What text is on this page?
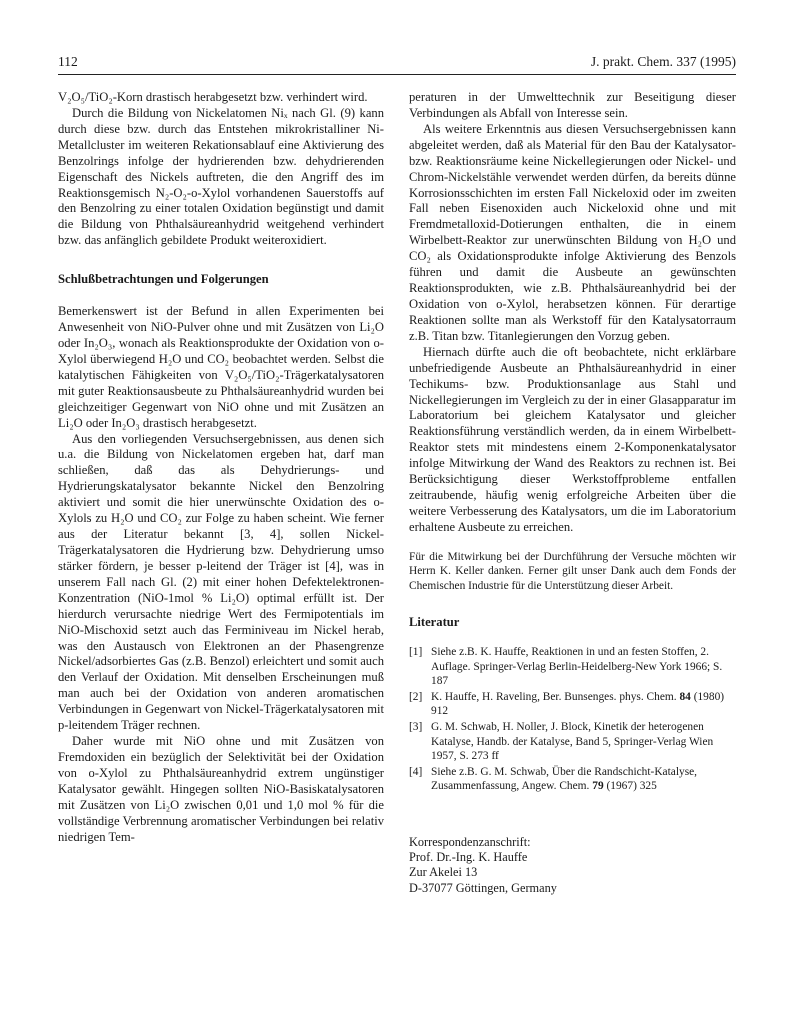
112	J. prakt. Chem. 337 (1995)

V₂O₅/TiO₂-Korn drastisch herabgesetzt bzw. verhindert wird.

Durch die Bildung von Nickelatomen Niₓ nach Gl. (9) kann durch diese bzw. durch das Entstehen mikrokristalliner Ni-Metallcluster im weiteren Rekationsablauf eine Aktivierung des Benzolrings infolge der hydrierenden bzw. dehydrierenden Eigenschaft des Nickels auftreten, die den Angriff des im Reaktionsgemisch N₂-O₂-o-Xylol vorhandenen Sauerstoffs auf den Benzolring zu einer totalen Oxidation begünstigt und damit die Bildung von Phthalsäureanhydrid weitgehend verhindert bzw. das anfänglich gebildete Produkt weiteroxidiert.

Schlußbetrachtungen und Folgerungen

Bemerkenswert ist der Befund in allen Experimenten bei Anwesenheit von NiO-Pulver ohne und mit Zusätzen von Li₂O oder In₂O₃, wonach als Reaktionsprodukte der Oxidation von o-Xylol überwiegend H₂O und CO₂ beobachtet werden. Selbst die katalytischen Fähigkeiten von V₂O₅/TiO₂-Trägerkatalysatoren mit guter Reaktionsausbeute zu Phthalsäureanhydrid wurden bei gleichzeitiger Gegenwart von NiO ohne und mit Zusätzen an Li₂O oder In₂O₃ drastisch herabgesetzt.

Aus den vorliegenden Versuchsergebnissen, aus denen sich u.a. die Bildung von Nickelatomen ergeben hat, darf man schließen, daß das als Dehydrierungs- und Hydrierungskatalysator bekannte Nickel den Benzolring aktiviert und somit die hier unerwünschte Oxidation des o-Xylols zu H₂O und CO₂ zur Folge zu haben scheint. Wie ferner aus der Literatur bekannt [3, 4], sollen Nickel-Trägerkatalysatoren die Hydrierung bzw. Dehydrierung umso stärker fördern, je besser p-leitend der Träger ist [4], was in unserem Fall nach Gl. (2) mit einer hohen Defektelektronen-Konzentration (NiO-1mol % Li₂O) optimal erfüllt ist. Der hierdurch verursachte niedrige Wert des Fermipotentials im NiO-Mischoxid setzt auch das Ferminiveau im Nickel herab, was den Austausch von Elektronen an der Phasengrenze Nickel/adsorbiertes Gas (z.B. Benzol) erleichtert und somit auch den Verlauf der Oxidation. Mit denselben Erscheinungen muß man auch bei der Oxidation von anderen aromatischen Verbindungen in Gegenwart von Nickel-Trägerkatalysatoren mit p-leitendem Träger rechnen.

Daher wurde mit NiO ohne und mit Zusätzen von Fremdoxiden ein bezüglich der Selektivität bei der Oxidation von o-Xylol zu Phthalsäureanhydrid extrem ungünstiger Katalysator gewählt. Hingegen sollten NiO-Basiskatalysatoren mit Zusätzen von Li₂O zwischen 0,01 und 1,0 mol % für die vollständige Verbrennung aromatischer Verbindungen bei relativ niedrigen Tem-

peraturen in der Umwelttechnik zur Beseitigung dieser Verbindungen als Abfall von Interesse sein.

Als weitere Erkenntnis aus diesen Versuchsergebnissen kann abgeleitet werden, daß als Material für den Bau der Katalysator- bzw. Reaktionsräume keine Nickellegierungen oder Nickel- und Chrom-Nickelstähle verwendet werden dürfen, da bereits dünne Korrosionsschichten im ersten Fall Nickeloxid oder im zweiten Fall neben Eisenoxiden auch Nickeloxid ohne und mit Fremdmetalloxid-Dotierungen enthalten, die in einem Wirbelbett-Reaktor zur unerwünschten Bildung von H₂O und CO₂ als Oxidationsprodukte infolge Aktivierung des Benzols führen und damit die Ausbeute an gewünschten Reaktionsprodukten, wie z.B. Phthalsäureanhydrid bei der Oxidation von o-Xylol, herabsetzen können. Für derartige Reaktionen sollte man als Werkstoff für den Katalysatorraum z.B. Titan bzw. Titanlegierungen den Vorzug geben.

Hiernach dürfte auch die oft beobachtete, nicht erklärbare unbefriedigende Ausbeute an Phthalsäureanhydrid in einer Techikums- bzw. Produktionsanlage aus Stahl und Nickellegierungen im Vergleich zu der in einer Glasapparatur im Laboratorium bei gleichem Katalysator und gleicher Reaktionsführung verständlich werden, da in einem Wirbelbett-Reaktor stets mit mindestens einem 2-Komponenkatalysator infolge Mitwirkung der Wand des Reaktors zu rechnen ist. Bei Berücksichtigung dieser Werkstoffprobleme entfallen zeitraubende, häufig wenig erfolgreiche Arbeiten über die weitere Verbesserung des Katalysators, um die im Laboratorium erhaltene Ausbeute zu erreichen.

Für die Mitwirkung bei der Durchführung der Versuche möchten wir Herrn K. Keller danken. Ferner gilt unser Dank auch dem Fonds der Chemischen Industrie für die Unterstützung dieser Arbeit.

Literatur

[1] Siehe z.B. K. Hauffe, Reaktionen in und an festen Stoffen, 2. Auflage. Springer-Verlag Berlin-Heidelberg-New York 1966; S. 187
[2] K. Hauffe, H. Raveling, Ber. Bunsenges. phys. Chem. 84 (1980) 912
[3] G. M. Schwab, H. Noller, J. Block, Kinetik der heterogenen Katalyse, Handb. der Katalyse, Band 5, Springer-Verlag Wien 1957, S. 273 ff
[4] Siehe z.B. G. M. Schwab, Über die Randschicht-Katalyse, Zusammenfassung, Angew. Chem. 79 (1967) 325
Korrespondenzanschrift:
Prof. Dr.-Ing. K. Hauffe
Zur Akelei 13
D-37077 Göttingen, Germany
